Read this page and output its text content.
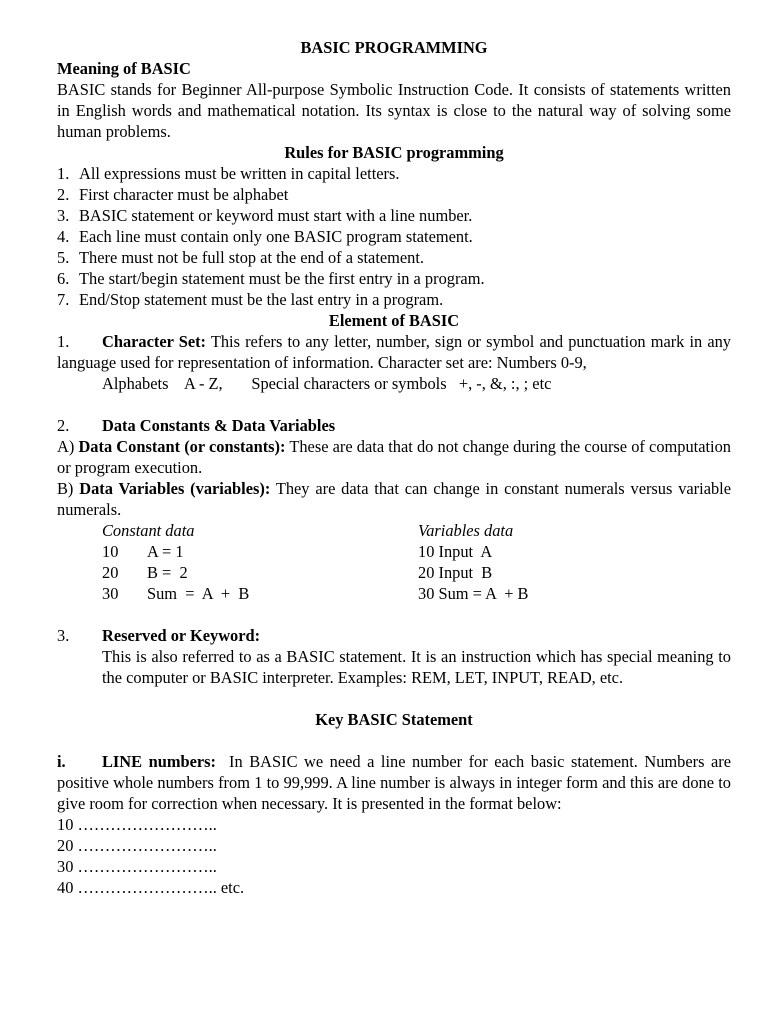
BASIC PROGRAMMING

Meaning of BASIC

BASIC stands for Beginner All-purpose Symbolic Instruction Code. It consists of statements written in English words and mathematical notation. Its syntax is close to the natural way of solving some human problems.

Rules for BASIC programming

1. All expressions must be written in capital letters.
2. First character must be alphabet
3. BASIC statement or keyword must start with a line number.
4. Each line must contain only one BASIC program statement.
5. There must not be full stop at the end of a statement.
6. The start/begin statement must be the first entry in a program.
7. End/Stop statement must be the last entry in a program.

Element of BASIC

1. Character Set: This refers to any letter, number, sign or symbol and punctuation mark in any language used for representation of information. Character set are: Numbers 0-9,

Alphabets    A - Z,       Special characters or symbols   +, -, &, :, ; etc

2.	Data Constants & Data Variables

A) Data Constant (or constants): These are data that do not change during the course of computation or program execution.

B) Data Variables (variables): They are data that can change in constant numerals versus variable numerals.

Constant data	Variables data
10 A = 1	10 Input  A
20 B =  2	20 Input  B
30 Sum  =  A  +  B	30 Sum = A  + B
3.	Reserved or Keyword:

This is also referred to as a BASIC statement. It is an instruction which has special meaning to the computer or BASIC interpreter. Examples: REM, LET, INPUT, READ, etc.

Key BASIC Statement

i. LINE numbers: In BASIC we need a line number for each basic statement. Numbers are positive whole numbers from 1 to 99,999. A line number is always in integer form and this are done to give room for correction when necessary. It is presented in the format below:

10 ……………………..

20 ……………………..

30 ……………………..

40 …………………….. etc.
